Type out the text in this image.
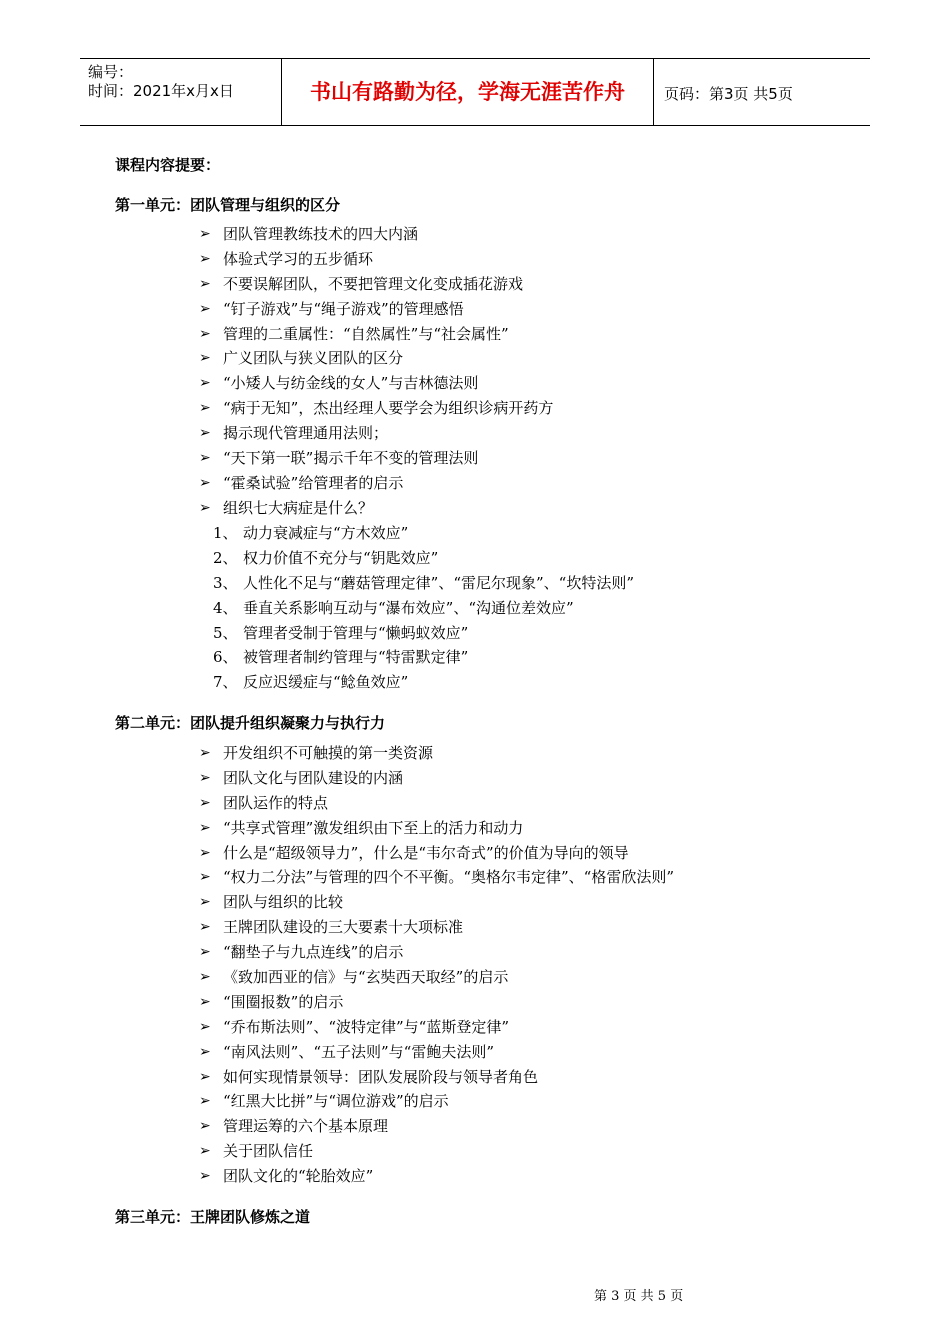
编号：
时间：2021年x月x日	书山有路勤为径，学海无涯苦作舟	页码：第3页 共5页
课程内容提要：
第一单元：团队管理与组织的区分
➢
团队管理教练技术的四大内涵
➢
体验式学习的五步循环
➢
不要误解团队，不要把管理文化变成插花游戏
➢
“钉子游戏”与“绳子游戏”的管理感悟
➢
管理的二重属性：“自然属性”与“社会属性”
➢
广义团队与狭义团队的区分
➢
“小矮人与纺金线的女人”与吉林德法则
➢
“病于无知”，杰出经理人要学会为组织诊病开药方
➢
揭示现代管理通用法则；
➢
“天下第一联”揭示千年不变的管理法则
➢
“霍桑试验”给管理者的启示
➢
组织七大病症是什么？
1、 动力衰减症与“方木效应”
2、 权力价值不充分与“钥匙效应”
3、 人性化不足与“蘑菇管理定律”、“雷尼尔现象”、“坎特法则”
4、 垂直关系影响互动与“瀑布效应”、“沟通位差效应”
5、 管理者受制于管理与“懒蚂蚁效应”
6、 被管理者制约管理与“特雷默定律”
7、 反应迟缓症与“鲶鱼效应”
第二单元：团队提升组织凝聚力与执行力
➢
开发组织不可触摸的第一类资源
➢
团队文化与团队建设的内涵
➢
团队运作的特点
➢
“共享式管理”激发组织由下至上的活力和动力
➢
什么是“超级领导力”，什么是“韦尔奇式”的价值为导向的领导
➢
“权力二分法”与管理的四个不平衡。“奥格尔韦定律”、“格雷欣法则”
➢
团队与组织的比较
➢
王牌团队建设的三大要素十大项标准
➢
“翻垫子与九点连线”的启示
➢
《致加西亚的信》与“玄奘西天取经”的启示
➢
“围圈报数”的启示
➢
“乔布斯法则”、“波特定律”与“蓝斯登定律”
➢
“南风法则”、“五子法则”与“雷鲍夫法则”
➢
如何实现情景领导：团队发展阶段与领导者角色
➢
“红黑大比拼”与“调位游戏”的启示
➢
管理运筹的六个基本原理
➢
关于团队信任
➢
团队文化的“轮胎效应”
第三单元：王牌团队修炼之道
第 3 页 共 5 页
